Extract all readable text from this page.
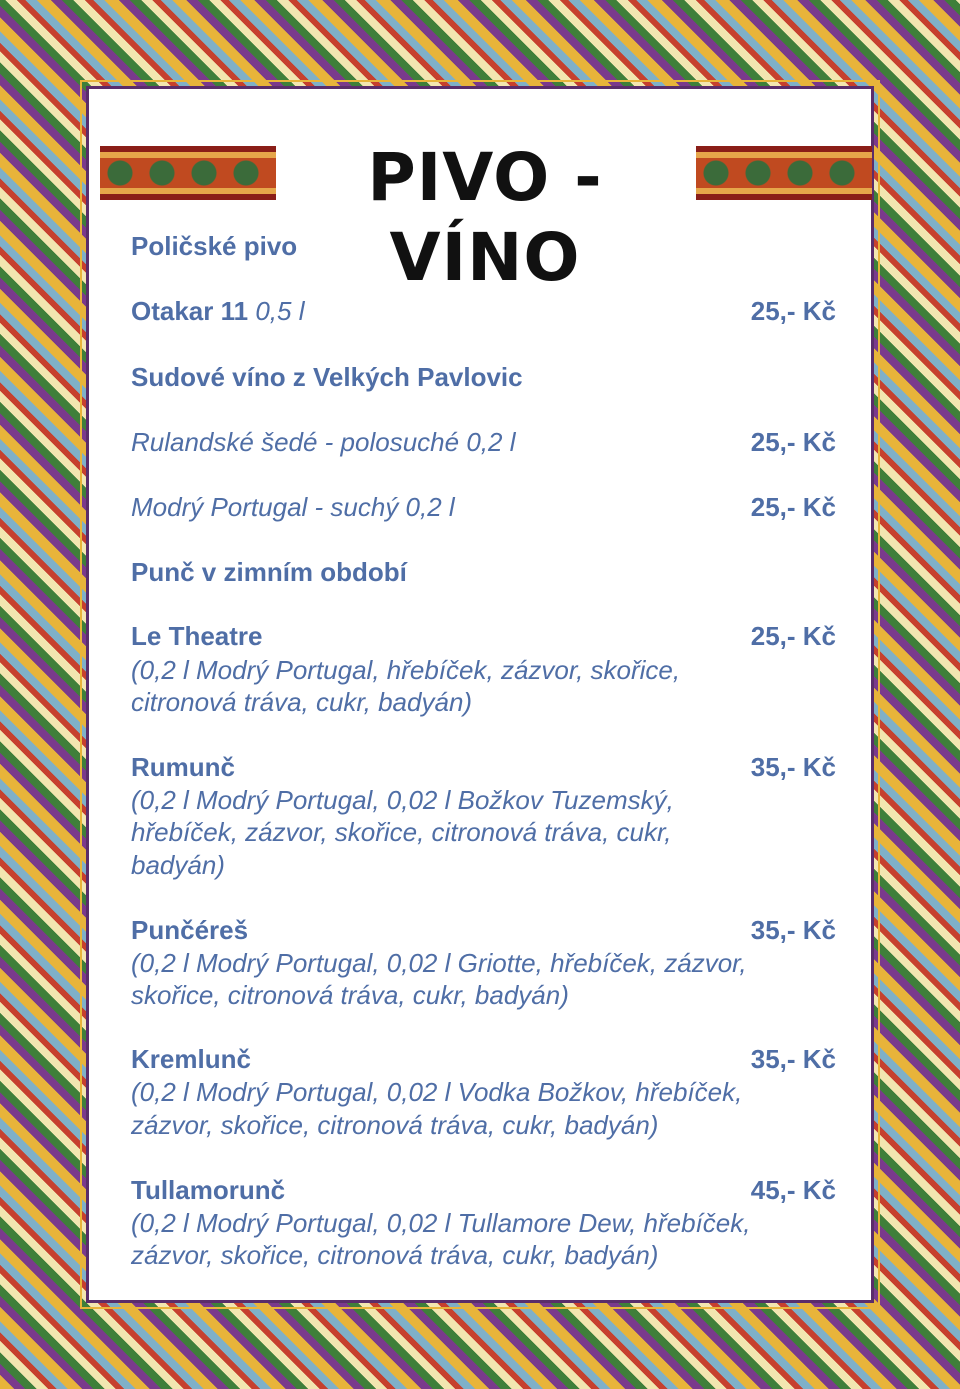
PIVO - VÍNO
Poličské pivo
Otakar 11 0,5 l	25,- Kč
Sudové víno z Velkých Pavlovic
Rulandské šedé - polosuché 0,2 l	25,- Kč
Modrý Portugal - suchý 0,2 l	25,- Kč
Punč v zimním období
Le Theatre	25,- Kč
(0,2 l Modrý Portugal, hřebíček, zázvor, skořice,
citronová tráva, cukr, badyán)
Rumunč	35,- Kč
(0,2 l Modrý Portugal, 0,02 l Božkov Tuzemský,
hřebíček, zázvor, skořice, citronová tráva, cukr,
badyán)
Punčéreš	35,- Kč
(0,2 l Modrý Portugal, 0,02 l Griotte, hřebíček, zázvor,
skořice, citronová tráva, cukr, badyán)
Kremlunč	35,- Kč
(0,2 l Modrý Portugal, 0,02 l Vodka Božkov, hřebíček,
zázvor, skořice, citronová tráva, cukr, badyán)
Tullamorunč	45,- Kč
(0,2 l Modrý Portugal, 0,02 l Tullamore Dew, hřebíček,
zázvor, skořice, citronová tráva, cukr, badyán)
